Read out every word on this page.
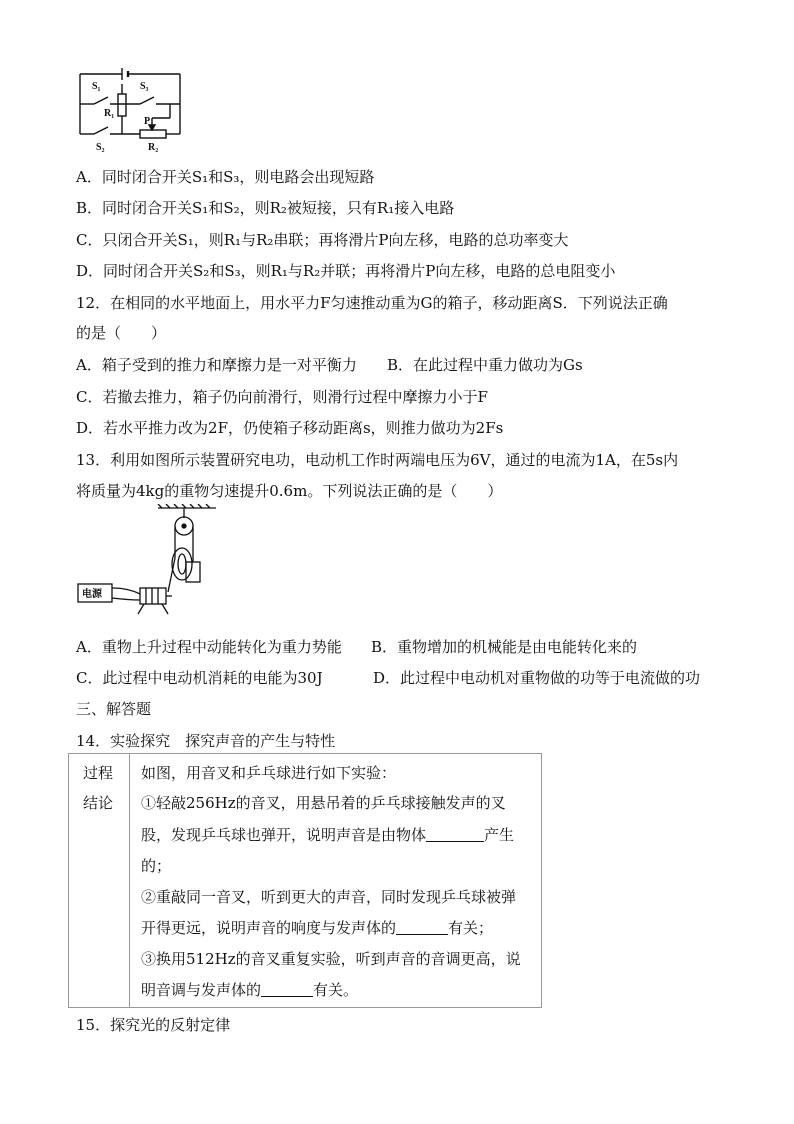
S₁	S₃
R₁
P
S₂	R₂
A．同时闭合开关S₁和S₃，则电路会出现短路
B．同时闭合开关S₁和S₂，则R₂被短接，只有R₁接入电路
C．只闭合开关S₁，则R₁与R₂串联；再将滑片P向左移，电路的总功率变大
D．同时闭合开关S₂和S₃，则R₁与R₂并联；再将滑片P向左移，电路的总电阻变小
12．在相同的水平地面上，用水平力F匀速推动重为G的箱子，移动距离S．下列说法正确
的是（　　）
A．箱子受到的推力和摩擦力是一对平衡力 B．在此过程中重力做功为Gs
C．若撤去推力，箱子仍向前滑行，则滑行过程中摩擦力小于F
D．若水平推力改为2F，仍使箱子移动距离s，则推力做功为2Fs
13．利用如图所示装置研究电功，电动机工作时两端电压为6V，通过的电流为1A，在5s内
将质量为4kg的重物匀速提升0.6m。下列说法正确的是（　　）
电源
A．重物上升过程中动能转化为重力势能 B．重物增加的机械能是由电能转化来的
C．此过程中电动机消耗的电能为30J	D．此过程中电动机对重物做的功等于电流做的功
三、解答题
14．实验探究　探究声音的产生与特性
过程
结论
如图，用音叉和乒乓球进行如下实验：
①轻敲256Hz的音叉，用悬吊着的乒乓球接触发声的叉
股，发现乒乓球也弹开，说明声音是由物体	产生
的；
②重敲同一音叉，听到更大的声音，同时发现乒乓球被弹
开得更远，说明声音的响度与发声体的	有关；
③换用512Hz的音叉重复实验，听到声音的音调更高，说
明音调与发声体的	有关。
15．探究光的反射定律
